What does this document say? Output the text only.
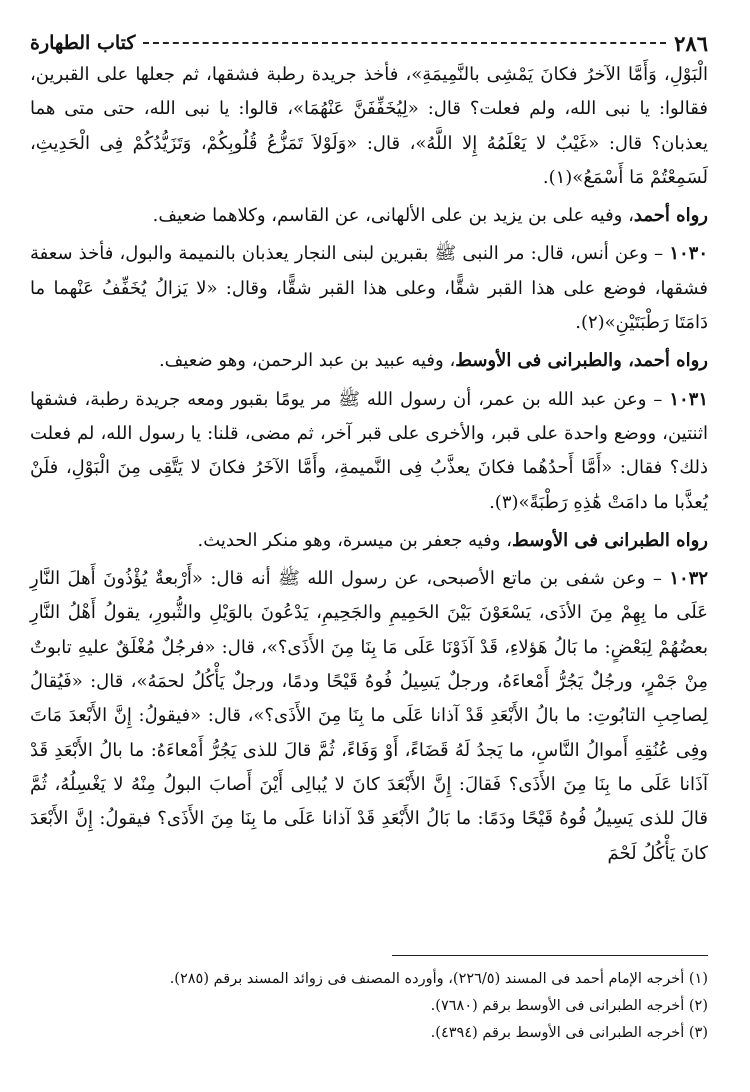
٢٨٦
كتاب الطهارة

الْبَوْلِ، وَأَمَّا الآخرُ فكانَ يَمْشِى بالنَّمِيمَةِ»، فأخذ جريدة رطبة فشقها، ثم جعلها على القبرين، فقالوا: يا نبى الله، ولم فعلت؟ قال: «لِيُخَفِّفَنَّ عَنْهُمَا»، قالوا: يا نبى الله، حتى متى هما يعذبان؟ قال: «غَيْبٌ لا يَعْلَمُهُ إِلا اللَّهُ»، قال: «وَلَوْلاَ تَمَزُّعُ قُلُوبِكُمْ، وَتَزَيُّدُكُمْ فِى الْحَدِيثِ، لَسَمِعْتُمْ مَا أَسْمَعُ»(١).

رواه أحمد، وفيه على بن يزيد بن على الألهانى، عن القاسم، وكلاهما ضعيف.

١٠٣٠ – وعن أنس، قال: مر النبى ﷺ بقبرين لبنى النجار يعذبان بالنميمة والبول، فأخذ سعفة فشقها، فوضع على هذا القبر شقًّا، وعلى هذا القبر شقًّا، وقال: «لا يَزالُ يُخَفِّفُ عَنْهما ما دَامَتَا رَطْبَتَيْنِ»(٢).

رواه أحمد، والطبرانى فى الأوسط، وفيه عبيد بن عبد الرحمن، وهو ضعيف.

١٠٣١ – وعن عبد الله بن عمر، أن رسول الله ﷺ مر يومًا بقبور ومعه جريدة رطبة، فشقها اثنتين، ووضع واحدة على قبر، والأخرى على قبر آخر، ثم مضى، قلنا: يا رسول الله، لم فعلت ذلك؟ فقال: «أَمَّا أَحدُهُما فكانَ يعذَّبُ فِى النَّميمةِ، وأَمَّا الآخَرُ فكانَ لا يَتَّقِى مِنَ الْبَوْلِ، فلَنْ يُعذَّبا ما دامَتْ هَٰذِهِ رَطْبَةً»(٣).

رواه الطبرانى فى الأوسط، وفيه جعفر بن ميسرة، وهو منكر الحديث.

١٠٣٢ – وعن شفى بن ماتع الأصبحى، عن رسول الله ﷺ أنه قال: «أَرْبعةٌ يُؤْذُونَ أَهلَ النَّارِ عَلَى ما بِهِمْ مِنَ الأذَى، يَسْعَوْنَ بَيْنَ الحَمِيمِ والجَحِيمِ، يَدْعُونَ بالوَيْلِ والثُّبورِ، يقولُ أَهْلُ النَّارِ بعضُهُمْ لِبَعْضٍ: ما بَالُ هَؤلاءِ، قَدْ آذَوْنَا عَلَى مَا بِنَا مِنَ الأَذَى؟»، قال: «فرجُلٌ مُغْلَقٌ عليهِ تابوتٌ مِنْ جَمْرٍ، ورجُلٌ يَجُرُّ أَمْعاءَهُ، ورجلٌ يَسِيلُ فُوهُ قَيْحًا ودمًا، ورجلٌ يَأْكُلُ لحمَهُ»، قال: «فَيُقالُ لِصاحِبِ التابُوتِ: ما بالُ الأَبْعَدِ قَدْ آذانا عَلَى ما بِنَا مِنَ الأَذَى؟»، قال: «فيقولُ: إِنَّ الأَبْعدَ مَاتَ وفِى عُنُقِهِ أَموالُ النَّاسِ، ما يَجدُ لَهُ قَضَاءً، أَوْ وَفَاءً، ثُمَّ قالَ للذى يَجُرُّ أَمْعاءَهُ: ما بالُ الأَبْعَدِ قَدْ آذَانا عَلَى ما بِنَا مِنَ الأَذَى؟ فَقالَ: إِنَّ الأَبْعَدَ كانَ لا يُبالِى أَيْنَ أَصابَ البولُ مِنْهُ لا يَغْسِلُهُ، ثُمَّ قالَ للذى يَسِيلُ فُوهُ قَيْحًا ودَمًا: ما بَالُ الأَبْعَدِ قَدْ آذانا عَلَى ما بِنَا مِنَ الأَذَى؟ فيقولُ: إِنَّ الأَبْعَدَ كانَ يَأْكُلُ لَحْمَ

(١) أخرجه الإمام أحمد فى المسند (٢٢٦/٥)، وأورده المصنف فى زوائد المسند برقم (٢٨٥).

(٢) أخرجه الطبرانى فى الأوسط برقم (٧٦٨٠).

(٣) أخرجه الطبرانى فى الأوسط برقم (٤٣٩٤).
